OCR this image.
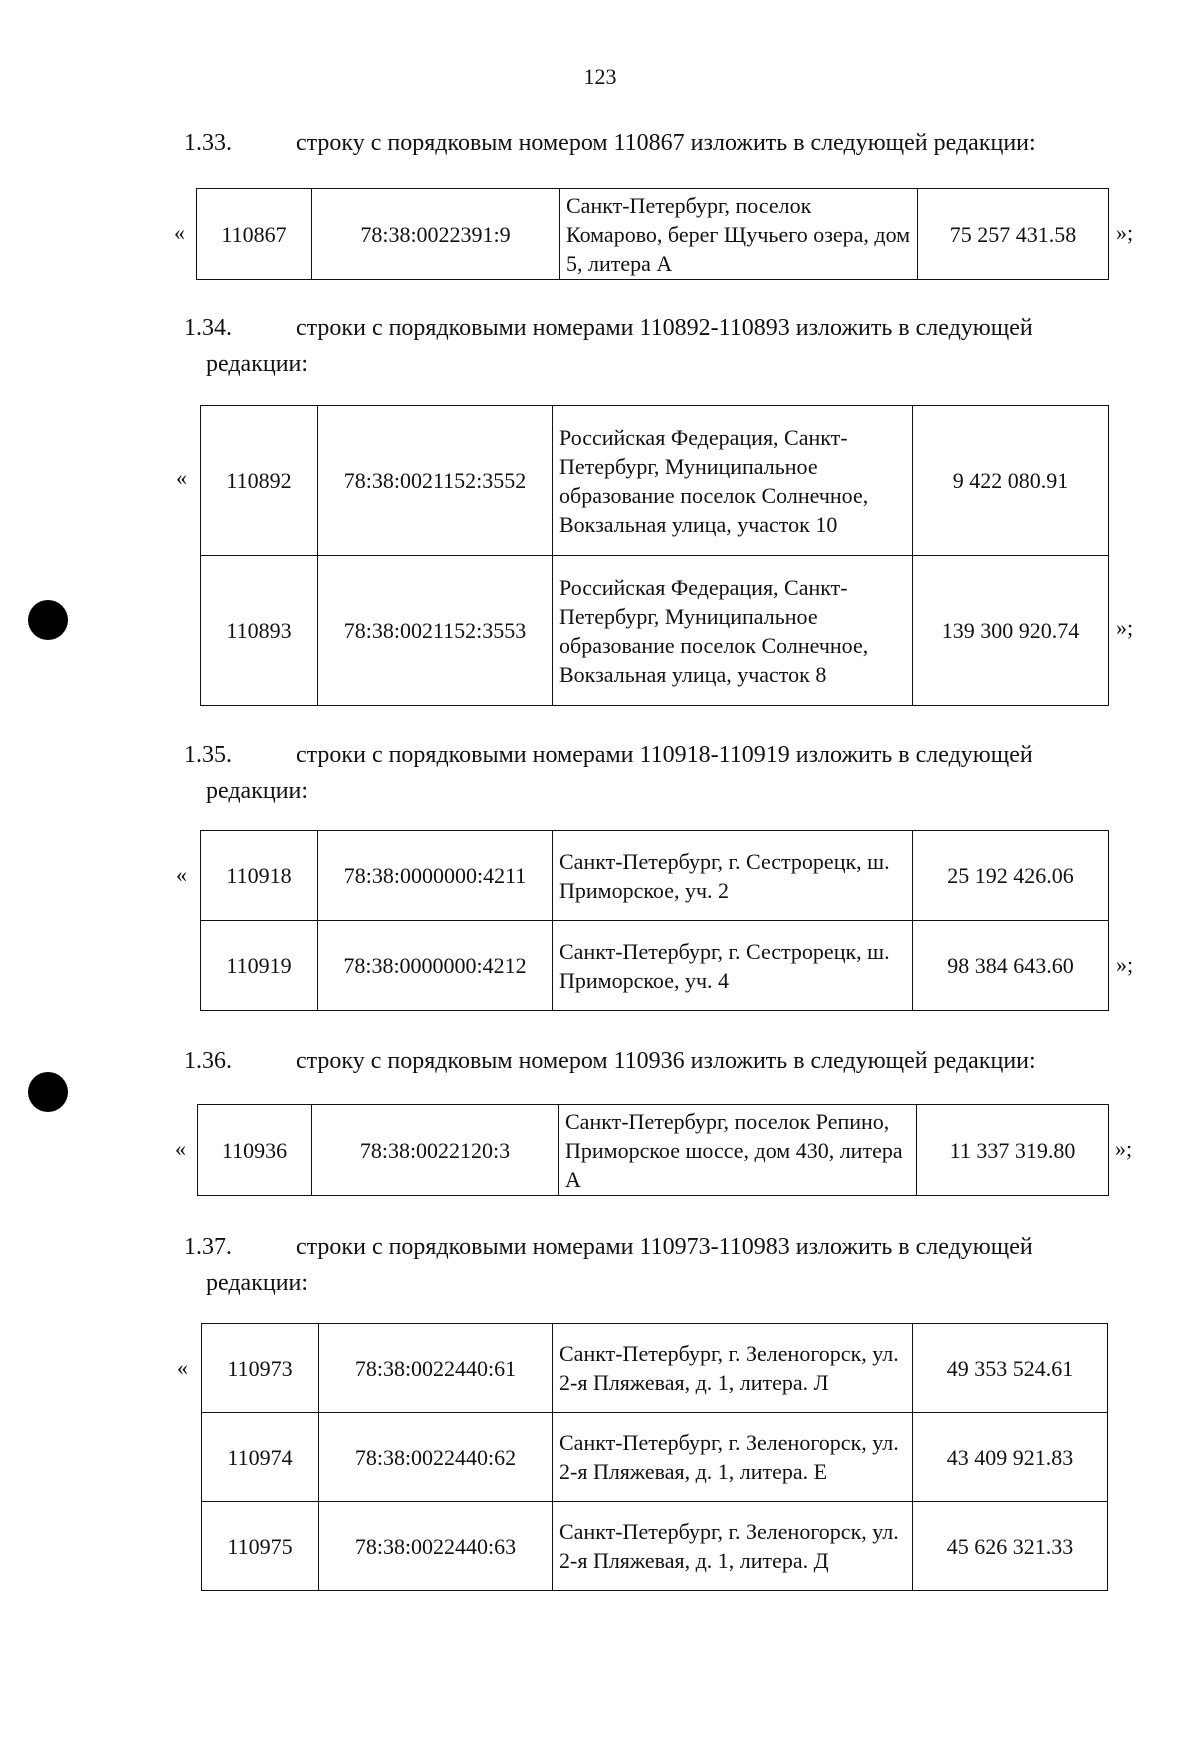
123
1.33.	строку с порядковым номером 110867 изложить в следующей редакции:
« 110867	78:38:0022391:9	Санкт-Петербург, поселок Комарово, берег Щучьего озера, дом 5, литера А	75 257 431.58 »;
1.34.	строки с порядковыми номерами 110892-110893 изложить в следующей
редакции:
« 110892	78:38:0021152:3552	Российская Федерация, Санкт-Петербург, Муниципальное образование поселок Солнечное, Вокзальная улица, участок 10	9 422 080.91
110893	78:38:0021152:3553	Российская Федерация, Санкт-Петербург, Муниципальное образование поселок Солнечное, Вокзальная улица, участок 8	139 300 920.74 »;
1.35.	строки с порядковыми номерами 110918-110919 изложить в следующей
редакции:
« 110918	78:38:0000000:4211	Санкт-Петербург, г. Сестрорецк, ш. Приморское, уч. 2	25 192 426.06
110919	78:38:0000000:4212	Санкт-Петербург, г. Сестрорецк, ш. Приморское, уч. 4	98 384 643.60 »;
1.36.	строку с порядковым номером 110936 изложить в следующей редакции:
« 110936	78:38:0022120:3	Санкт-Петербург, поселок Репино, Приморское шоссе, дом 430, литера А	11 337 319.80 »;
1.37.	строки с порядковыми номерами 110973-110983 изложить в следующей
редакции:
« 110973	78:38:0022440:61	Санкт-Петербург, г. Зеленогорск, ул. 2-я Пляжевая, д. 1, литера. Л	49 353 524.61
110974	78:38:0022440:62	Санкт-Петербург, г. Зеленогорск, ул. 2-я Пляжевая, д. 1, литера. Е	43 409 921.83
110975	78:38:0022440:63	Санкт-Петербург, г. Зеленогорск, ул. 2-я Пляжевая, д. 1, литера. Д	45 626 321.33
